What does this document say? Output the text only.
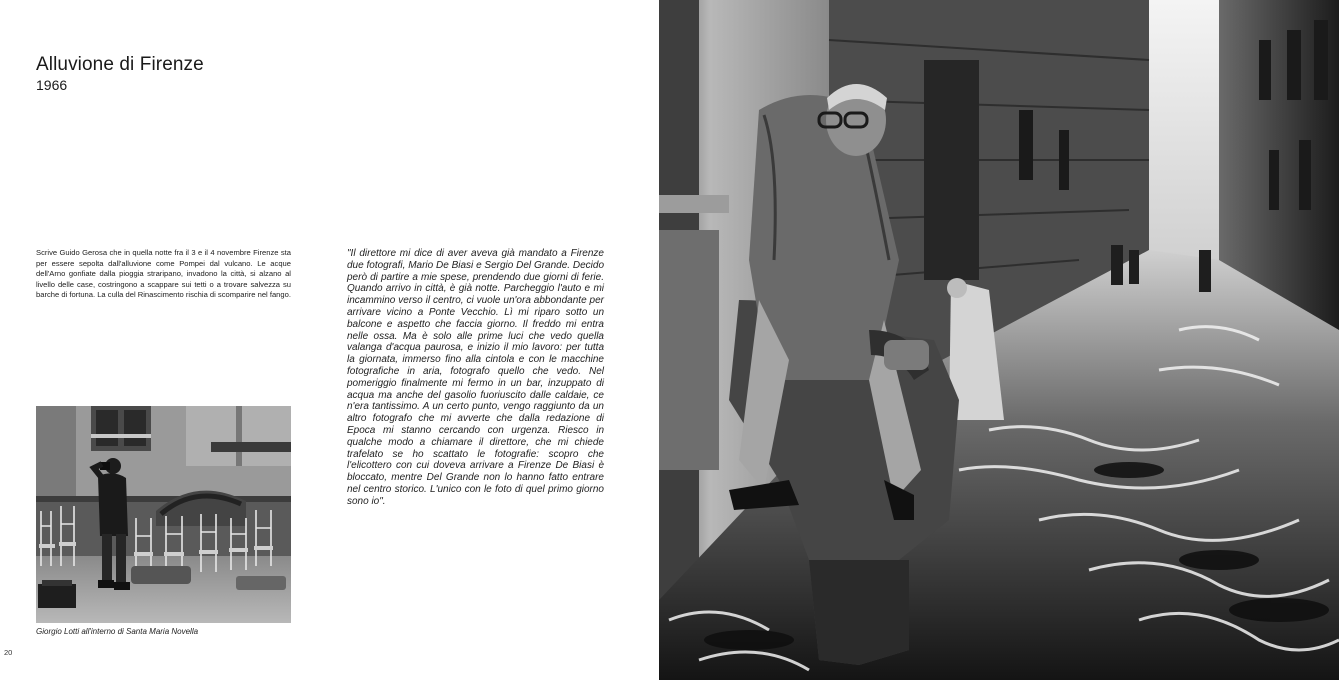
Alluvione di Firenze
1966

Scrive Guido Gerosa che in quella notte fra il 3 e il 4 novembre Firenze sta per essere sepolta dall'alluvione come Pompei dal vulcano. Le acque dell'Arno gonfiate dalla pioggia straripano, invadono la città, si alzano al livello delle case, costringono a scappare sui tetti o a trovare salvezza su barche di fortuna. La culla del Rinascimento rischia di scomparire nel fango.

"Il direttore mi dice di aver aveva già mandato a Firenze due fotografi, Mario De Biasi e Sergio Del Grande. Decido però di partire a mie spese, prendendo due giorni di ferie. Quando arrivo in città, è già notte. Parcheggio l'auto e mi incammino verso il centro, ci vuole un'ora abbondante per arrivare vicino a Ponte Vecchio. Lì mi riparo sotto un balcone e aspetto che faccia giorno. Il freddo mi entra nelle ossa. Ma è solo alle prime luci che vedo quella valanga d'acqua paurosa, e inizio il mio lavoro: per tutta la giornata, immerso fino alla cintola e con le macchine fotografiche in aria, fotografo quello che vedo. Nel pomeriggio finalmente mi fermo in un bar, inzuppato di acqua ma anche del gasolio fuoriuscito dalle caldaie, ce n'era tantissimo. A un certo punto, vengo raggiunto da un altro fotografo che mi avverte che dalla redazione di Epoca mi stanno cercando con urgenza. Riesco in qualche modo a chiamare il direttore, che mi chiede trafelato se ho scattato le fotografie: scopro che l'elicottero con cui doveva arrivare a Firenze De Biasi è bloccato, mentre Del Grande non lo hanno fatto entrare nel centro storico. L'unico con le foto di quel primo giorno sono io".

Giorgio Lotti all'interno di Santa Maria Novella
20
